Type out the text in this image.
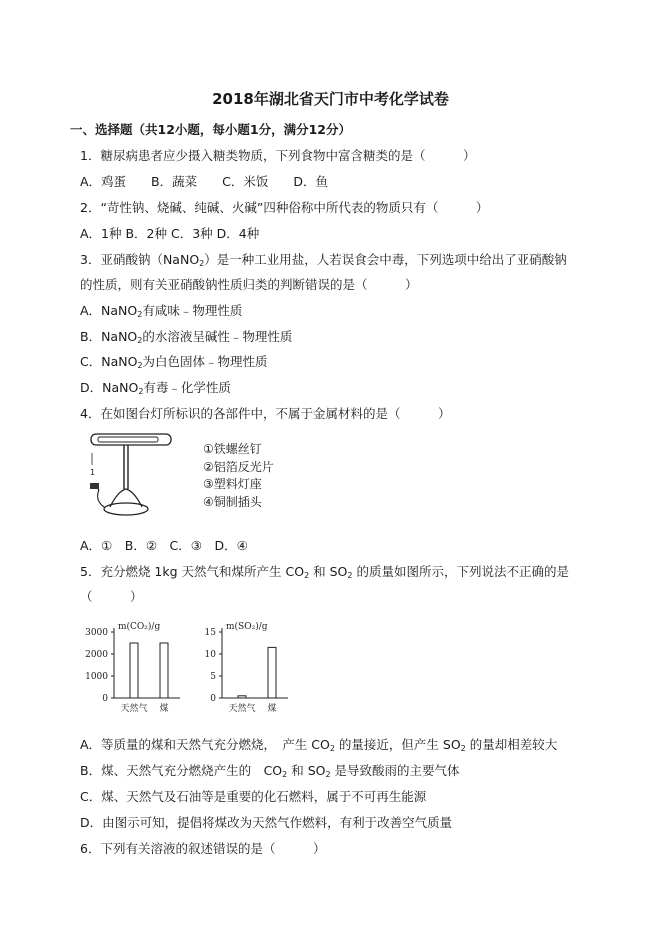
2018年湖北省天门市中考化学试卷
一、选择题（共12小题，每小题1分，满分12分）
1．糖尿病患者应少摄入糖类物质，下列食物中富含糖类的是（　　　）
A．鸡蛋　　B．蔬菜　　C．米饭　　D．鱼
2．“苛性钠、烧碱、纯碱、火碱”四种俗称中所代表的物质只有（　　　）
A．1种 B．2种 C．3种 D．4种
3．亚硝酸钠（NaNO$_2$）是一种工业用盐，人若误食会中毒，下列选项中给出了亚硝酸钠
的性质，则有关亚硝酸钠性质归类的判断错误的是（　　　）
A．NaNO$_2$有咸味﹣物理性质
B．NaNO$_2$的水溶液呈碱性﹣物理性质
C．NaNO$_2$为白色固体﹣物理性质
D．NaNO$_2$有毒﹣化学性质
4．在如图台灯所标识的各部件中，不属于金属材料的是（　　　）
1
①铁螺丝钉
②铝箔反光片
③塑料灯座
④铜制插头
A．①　B．②　C．③　D．④
5．充分燃烧 1kg 天然气和煤所产生 $CO_2$ 和 $SO_2$ 的质量如图所示，下列说法不正确的是
（　　　）
m(CO₂)/g
3000
2000
1000
0
天然气 煤
m(SO₂)/g
15
10
5
0
天然气 煤
A．等质量的煤和天然气充分燃烧，　产生 $CO_2$ 的量接近，但产生 $SO_2$ 的量却相差较大
B．煤、天然气充分燃烧产生的　$CO_2$ 和 $SO_2$ 是导致酸雨的主要气体
C．煤、天然气及石油等是重要的化石燃料，属于不可再生能源
D．由图示可知，提倡将煤改为天然气作燃料，有利于改善空气质量
6．下列有关溶液的叙述错误的是（　　　）
